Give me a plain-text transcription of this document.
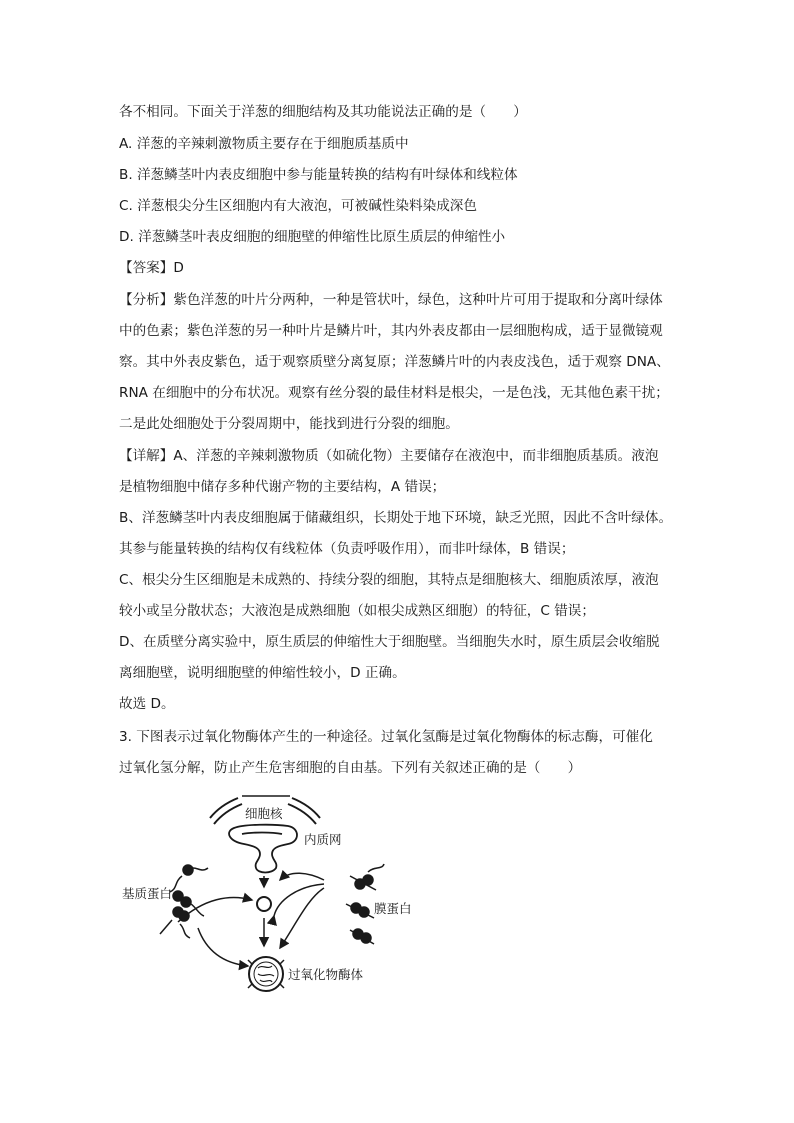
各不相同。下面关于洋葱的细胞结构及其功能说法正确的是（　　）
A. 洋葱的辛辣刺激物质主要存在于细胞质基质中
B. 洋葱鳞茎叶内表皮细胞中参与能量转换的结构有叶绿体和线粒体
C. 洋葱根尖分生区细胞内有大液泡，可被碱性染料染成深色
D. 洋葱鳞茎叶表皮细胞的细胞壁的伸缩性比原生质层的伸缩性小
【答案】D
【分析】紫色洋葱的叶片分两种，一种是管状叶，绿色，这种叶片可用于提取和分离叶绿体
中的色素；紫色洋葱的另一种叶片是鳞片叶，其内外表皮都由一层细胞构成，适于显微镜观
察。其中外表皮紫色，适于观察质壁分离复原；洋葱鳞片叶的内表皮浅色，适于观察 DNA、
RNA 在细胞中的分布状况。观察有丝分裂的最佳材料是根尖，一是色浅，无其他色素干扰；
二是此处细胞处于分裂周期中，能找到进行分裂的细胞。
【详解】A、洋葱的辛辣刺激物质（如硫化物）主要储存在液泡中，而非细胞质基质。液泡
是植物细胞中储存多种代谢产物的主要结构，A 错误；
B、洋葱鳞茎叶内表皮细胞属于储藏组织，长期处于地下环境，缺乏光照，因此不含叶绿体。
其参与能量转换的结构仅有线粒体（负责呼吸作用），而非叶绿体，B 错误；
C、根尖分生区细胞是未成熟的、持续分裂的细胞，其特点是细胞核大、细胞质浓厚，液泡
较小或呈分散状态；大液泡是成熟细胞（如根尖成熟区细胞）的特征，C 错误；
D、在质壁分离实验中，原生质层的伸缩性大于细胞壁。当细胞失水时，原生质层会收缩脱
离细胞壁，说明细胞壁的伸缩性较小，D 正确。
故选 D。
3. 下图表示过氧化物酶体产生的一种途径。过氧化氢酶是过氧化物酶体的标志酶，可催化
过氧化氢分解，防止产生危害细胞的自由基。下列有关叙述正确的是（　　）
细胞核
内质网
基质蛋白
膜蛋白
过氧化物酶体
